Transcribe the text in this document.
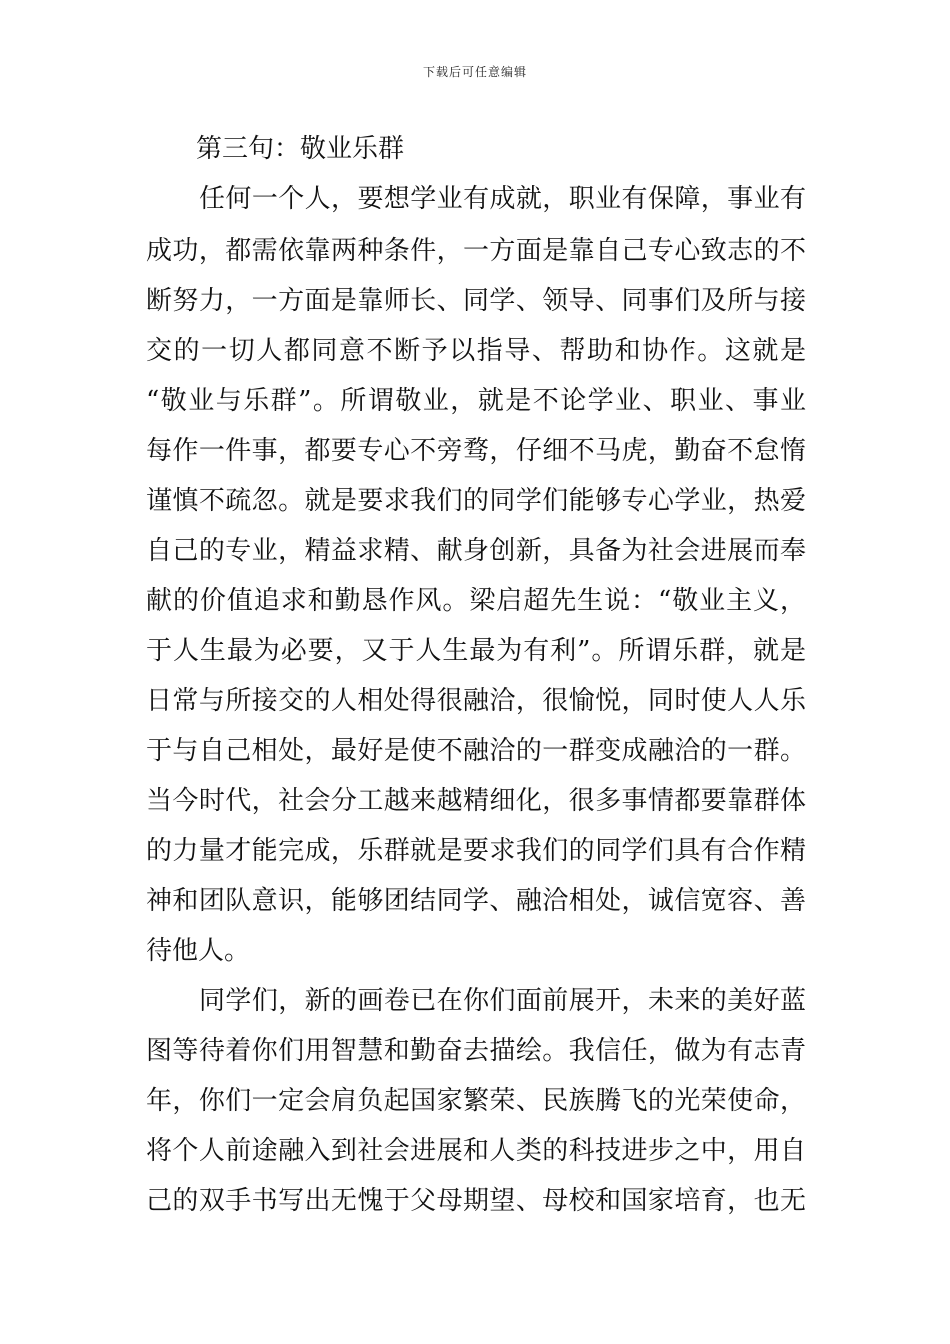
下载后可任意编辑
第三句：敬业乐群
任何一个人，要想学业有成就，职业有保障，事业有
成功，都需依靠两种条件，一方面是靠自己专心致志的不
断努力，一方面是靠师长、同学、领导、同事们及所与接
交的一切人都同意不断予以指导、帮助和协作。这就是
“敬业与乐群”。所谓敬业，就是不论学业、职业、事业
每作一件事，都要专心不旁骛，仔细不马虎，勤奋不怠惰
谨慎不疏忽。就是要求我们的同学们能够专心学业，热爱
自己的专业，精益求精、献身创新，具备为社会进展而奉
献的价值追求和勤恳作风。梁启超先生说：“敬业主义，
于人生最为必要，又于人生最为有利”。所谓乐群，就是
日常与所接交的人相处得很融洽，很愉悦，同时使人人乐
于与自己相处，最好是使不融洽的一群变成融洽的一群。
当今时代，社会分工越来越精细化，很多事情都要靠群体
的力量才能完成，乐群就是要求我们的同学们具有合作精
神和团队意识，能够团结同学、融洽相处，诚信宽容、善
待他人。
同学们，新的画卷已在你们面前展开，未来的美好蓝
图等待着你们用智慧和勤奋去描绘。我信任，做为有志青
年，你们一定会肩负起国家繁荣、民族腾飞的光荣使命，
将个人前途融入到社会进展和人类的科技进步之中，用自
己的双手书写出无愧于父母期望、母校和国家培育，也无
